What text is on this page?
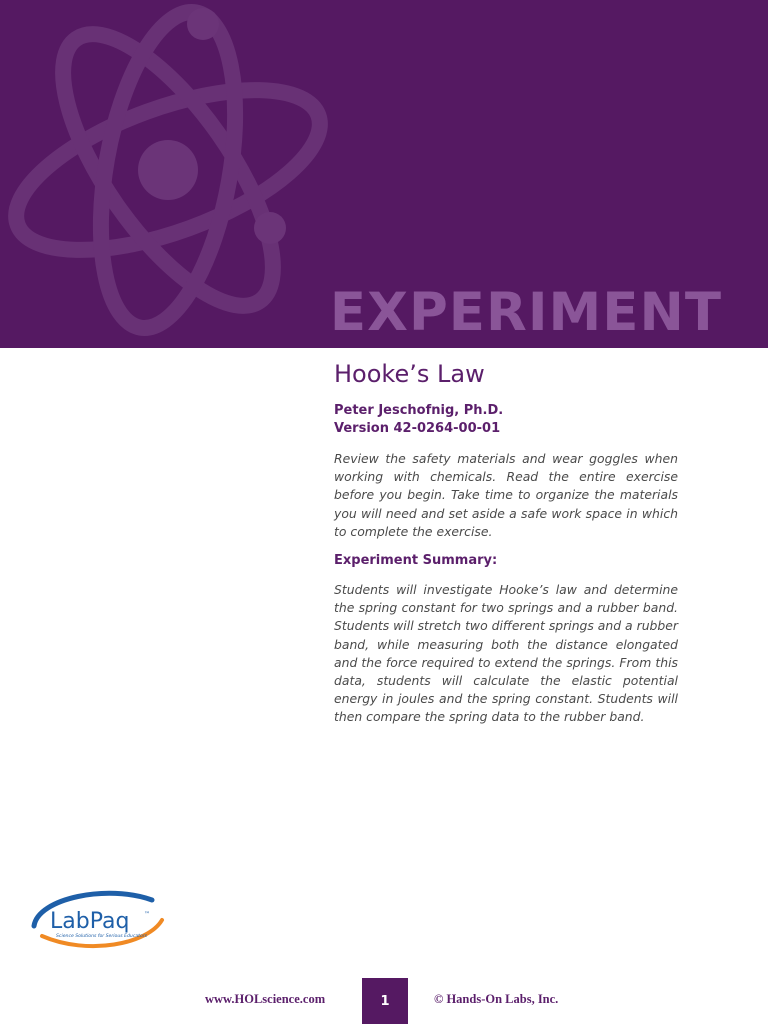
EXPERIMENT
Hooke’s Law
Peter Jeschofnig, Ph.D.
Version 42-0264-00-01

Review the safety materials and wear goggles when working with chemicals. Read the entire exercise before you begin. Take time to organize the materials you will need and set aside a safe work space in which to complete the exercise.

Experiment Summary:

Students will investigate Hooke’s law and determine the spring constant for two springs and a rubber band. Students will stretch two different springs and a rubber band, while measuring both the distance elongated and the force required to extend the springs. From this data, students will calculate the elastic potential energy in joules and the spring constant. Students will then compare the spring data to the rubber band.

LabPaq ™
Science Solutions for Serious Educators
www.HOLscience.com	1	© Hands-On Labs, Inc.
